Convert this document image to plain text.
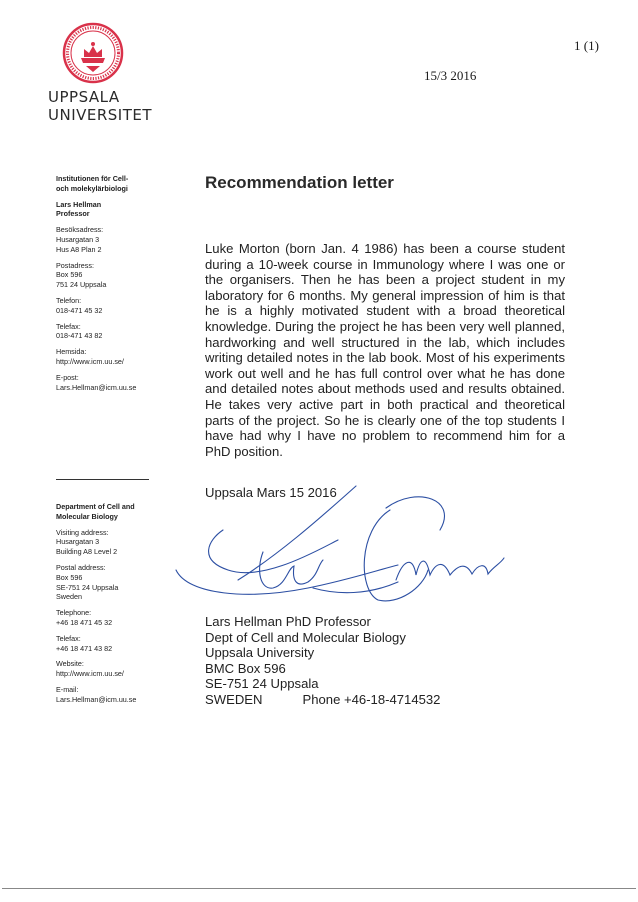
UPPSALA UNIVERSITET
1 (1)
15/3 2016
Institutionen för Cell-
och molekylärbiologi
Lars Hellman
Professor
Besöksadress:
Husargatan 3
Hus A8 Plan 2
Postadress:
Box 596
751 24 Uppsala
Telefon:
018-471 45 32
Telefax:
018-471 43 82
Hemsida:
http://www.icm.uu.se/
E-post:
Lars.Hellman@icm.uu.se
Department of Cell and
Molecular Biology
Visiting address:
Husargatan 3
Building A8 Level 2
Postal address:
Box 596
SE-751 24 Uppsala
Sweden
Telephone:
+46 18 471 45 32
Telefax:
+46 18 471 43 82
Website:
http://www.icm.uu.se/
E-mail:
Lars.Hellman@icm.uu.se
Recommendation letter
Luke Morton (born Jan. 4 1986) has been a course student during a 10-week course in Immunology where I was one or the organisers. Then he has been a project student in my laboratory for 6 months. My general impression of him is that he is a highly motivated student with a broad theoretical knowledge. During the project he has been very well planned, hardworking and well structured in the lab, which includes writing detailed notes in the lab book. Most of his experiments work out well and he has full control over what he has done and detailed notes about methods used and results obtained. He takes very active part in both practical and theoretical parts of the project. So he is clearly one of the top students I have had why I have no problem to recommend him for a PhD position.
Uppsala Mars 15 2016
Lars Hellman PhD Professor
Dept of Cell and Molecular Biology
Uppsala University
BMC Box 596
SE-751 24 Uppsala
SWEDEN           Phone +46-18-4714532
